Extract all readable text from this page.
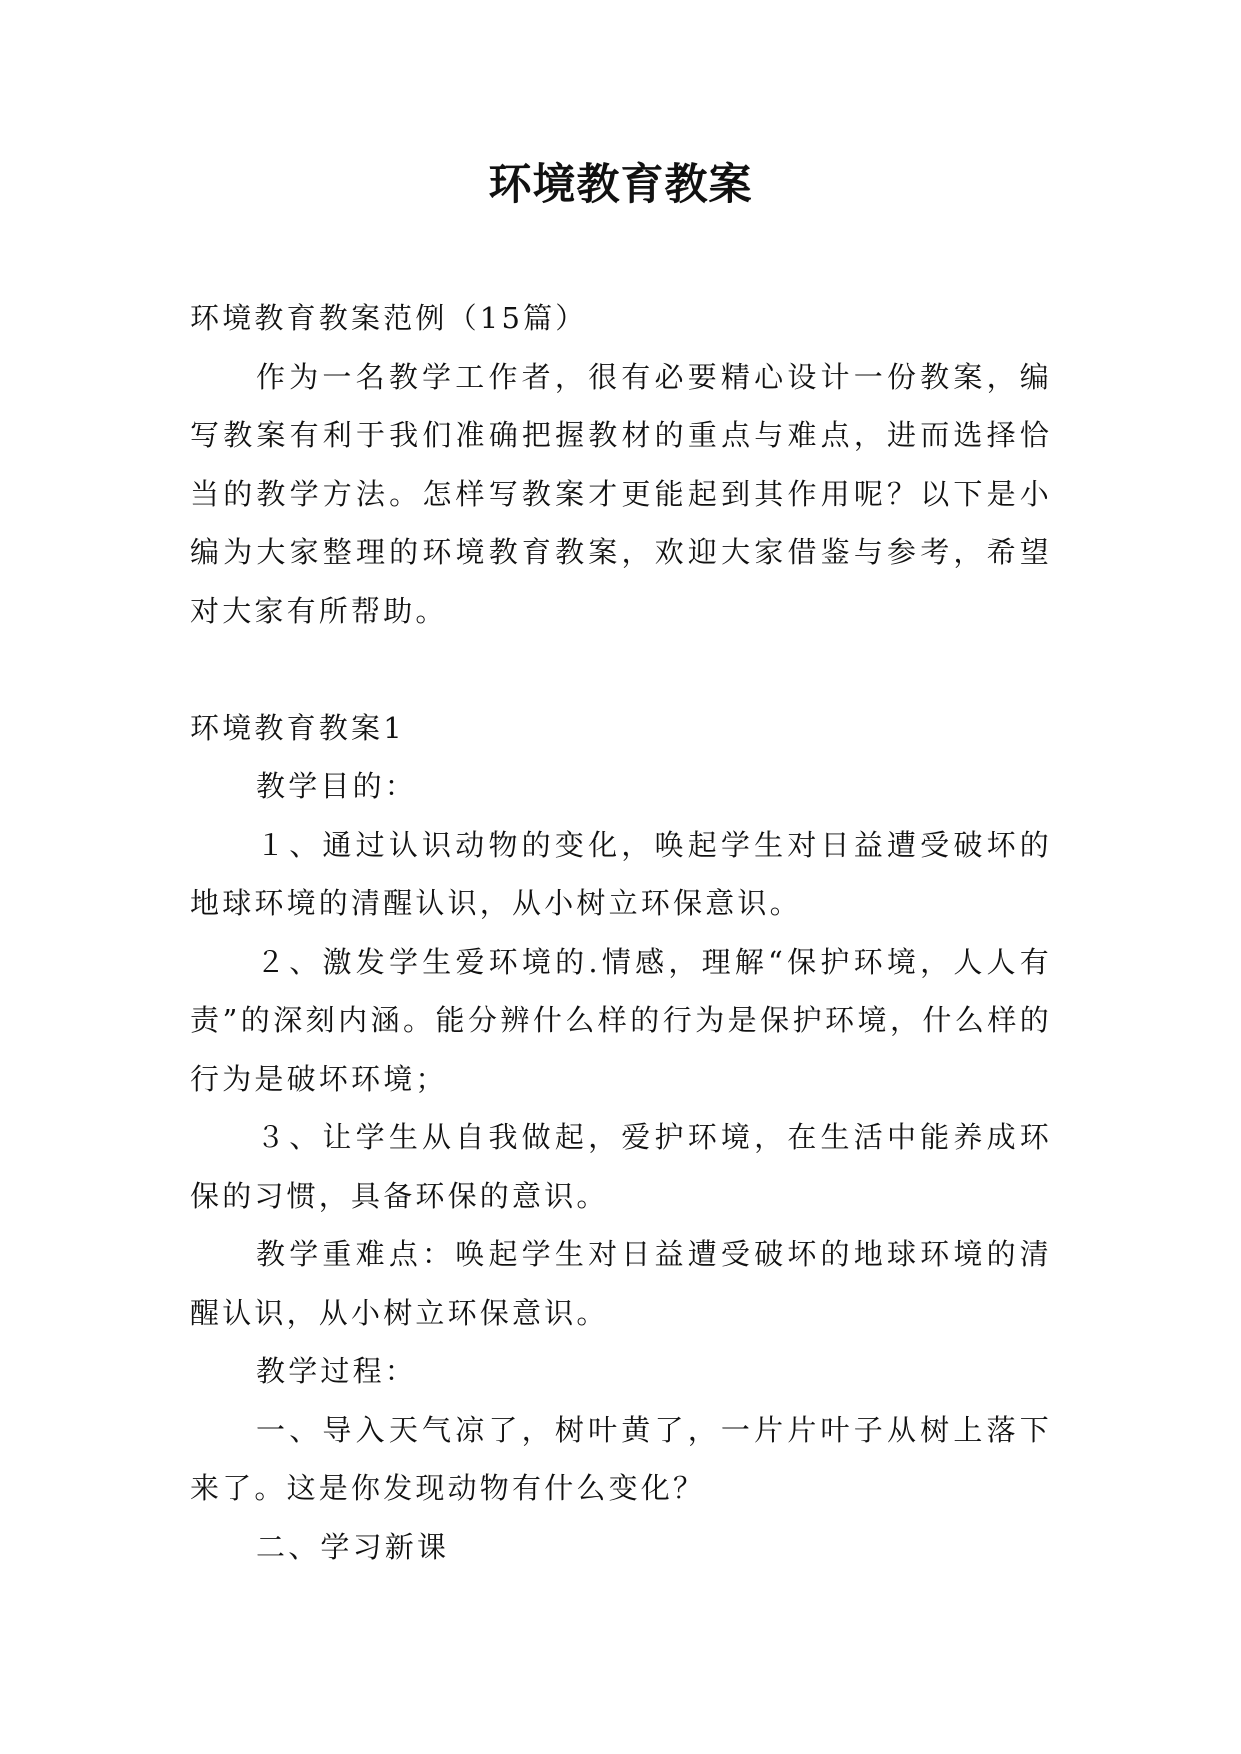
环境教育教案

环境教育教案范例（15篇）

作为一名教学工作者，很有必要精心设计一份教案，编写教案有利于我们准确把握教材的重点与难点，进而选择恰当的教学方法。怎样写教案才更能起到其作用呢？以下是小编为大家整理的环境教育教案，欢迎大家借鉴与参考，希望对大家有所帮助。

环境教育教案1

教学目的：

１、通过认识动物的变化，唤起学生对日益遭受破坏的地球环境的清醒认识，从小树立环保意识。

２、激发学生爱环境的.情感，理解“保护环境，人人有责”的深刻内涵。能分辨什么样的行为是保护环境，什么样的行为是破坏环境；

３、让学生从自我做起，爱护环境，在生活中能养成环保的习惯，具备环保的意识。

教学重难点：唤起学生对日益遭受破坏的地球环境的清醒认识，从小树立环保意识。

教学过程：

一、导入天气凉了，树叶黄了，一片片叶子从树上落下来了。这是你发现动物有什么变化？

二、学习新课
